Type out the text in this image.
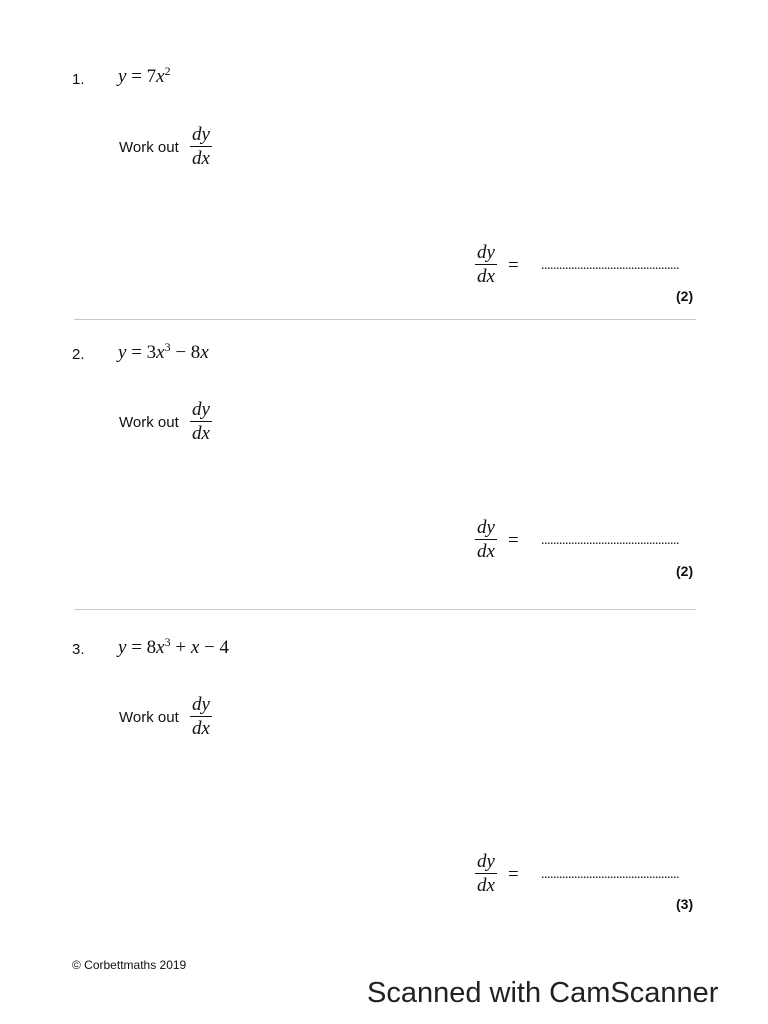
1. $y = 7x^2$
Work out
dy
dx
dy
dx
= ..............................................
(2)
2. $y = 3x^3 - 8x$
Work out
dy
dx
dy
dx
= ..............................................
(2)
3. $y = 8x^3 + x - 4$
Work out
dy
dx
dy
dx
= ..............................................
(3)
© Corbettmaths 2019
Scanned with CamScanner
